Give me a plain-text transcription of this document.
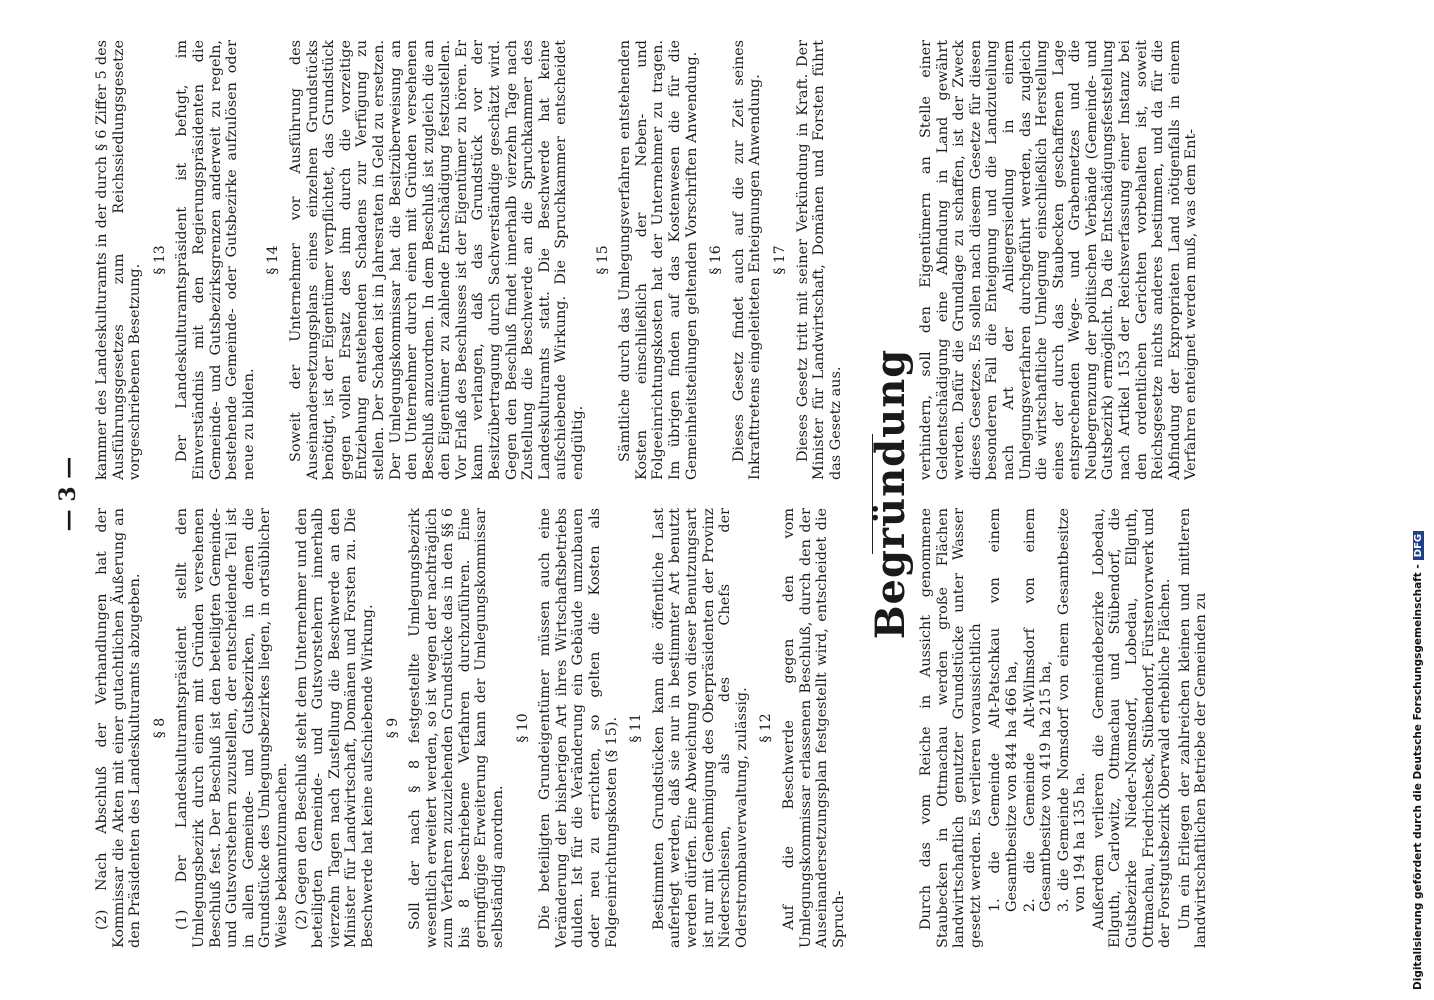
— 3 —

(2) Nach Abschluß der Verhandlungen hat der Kommissar die Akten mit einer gutachtlichen Äußerung an den Präsidenten des Landeskulturamts abzugeben. § 8 (1) Der Landeskulturamtspräsident stellt den Umlegungsbezirk durch einen mit Gründen versehenen Beschluß fest. Der Beschluß ist den beteiligten Gemeinde- und Gutsvorstehern zuzustellen, der entscheidende Teil ist in allen Gemeinde- und Gutsbezirken, in denen die Grundstücke des Umlegungsbezirkes liegen, in ortsüblicher Weise bekanntzumachen. (2) Gegen den Beschluß steht dem Unternehmer und den beteiligten Gemeinde- und Gutsvorstehern innerhalb vierzehn Tagen nach Zustellung die Beschwerde an den Minister für Landwirtschaft, Domänen und Forsten zu. Die Beschwerde hat keine aufschiebende Wirkung. § 9 Soll der nach § 8 festgestellte Umlegungsbezirk wesentlich erweitert werden, so ist wegen der nachträglich zum Verfahren zuzuziehenden Grundstücke das in den §§ 6 bis 8 beschriebene Verfahren durchzuführen. Eine geringfügige Erweiterung kann der Umlegungskommissar selbständig anordnen.

§ 10 Die beteiligten Grundeigentümer müssen auch eine Veränderung der bisherigen Art ihres Wirtschaftsbetriebs dulden. Ist für die Veränderung ein Gebäude umzubauen oder neu zu errichten, so gelten die Kosten als Folgeeinrichtungskosten (§ 15). § 11 Bestimmten Grundstücken kann die öffentliche Last auferlegt werden, daß sie nur in bestimmter Art benutzt werden dürfen. Eine Abweichung von dieser Benutzungsart ist nur mit Genehmigung des Oberpräsidenten der Provinz Niederschlesien, als des Chefs der Oderstrombauverwaltung, zulässig. § 12 Auf die Beschwerde gegen den vom Umlegungskommissar erlassenen Beschluß, durch den der Auseinandersetzungsplan festgestellt wird, entscheidet die Spruch-

kammer des Landeskulturamts in der durch § 6 Ziffer 5 des Ausführungsgesetzes zum Reichssiedlungsgesetze vorgeschriebenen Besetzung.

§ 13 Der Landeskulturamtspräsident ist befugt, im Einverständnis mit den Regierungspräsidenten die Gemeinde- und Gutsbezirksgrenzen anderweit zu regeln, bestehende Gemeinde- oder Gutsbezirke aufzulösen oder neue zu bilden.

§ 14 Soweit der Unternehmer vor Ausführung des Auseinandersetzungsplans eines einzelnen Grundstücks benötigt, ist der Eigentümer verpflichtet, das Grundstück gegen vollen Ersatz des ihm durch die vorzeitige Entziehung entstehenden Schadens zur Verfügung zu stellen. Der Schaden ist in Jahresraten in Geld zu ersetzen. Der Umlegungskommissar hat die Besitzüberweisung an den Unternehmer durch einen mit Gründen versehenen Beschluß anzuordnen. In dem Beschluß ist zugleich die an den Eigentümer zu zahlende Entschädigung festzustellen. Vor Erlaß des Beschlusses ist der Eigentümer zu hören. Er kann verlangen, daß das Grundstück vor der Besitzübertragung durch Sachverständige geschätzt wird. Gegen den Beschluß findet innerhalb vierzehn Tage nach Zustellung die Beschwerde an die Spruchkammer des Landeskulturamts statt. Die Beschwerde hat keine aufschiebende Wirkung. Die Spruchkammer entscheidet endgültig.

§ 15 Sämtliche durch das Umlegungsverfahren entstehenden Kosten einschließlich der Neben- und Folgeeinrichtungskosten hat der Unternehmer zu tragen. Im übrigen finden auf das Kostenwesen die für die Gemeinheitsteilungen geltenden Vorschriften Anwendung. § 16 Dieses Gesetz findet auch auf die zur Zeit seines Inkrafttretens eingeleiteten Enteignungen Anwendung. § 17 Dieses Gesetz tritt mit seiner Verkündung in Kraft. Der Minister für Landwirtschaft, Domänen und Forsten führt das Gesetz aus. Begründung

Durch das vom Reiche in Aussicht genommene Staubecken in Ottmachau werden große Flächen landwirtschaftlich genutzter Grundstücke unter Wasser gesetzt werden. Es verlieren voraussichtlich 1. die Gemeinde Alt-Patschkau von einem Gesamtbesitze von 844 ha 466 ha, 2. die Gemeinde Alt-Wilmsdorf von einem Gesamtbesitze von 419 ha 215 ha, 3. die Gemeinde Nomsdorf von einem Gesamtbesitze von 194 ha 135 ha. Außerdem verlieren die Gemeindebezirke Lobedau, Ellguth, Carlowitz, Ottmachau und Stübendorf, die Gutsbezirke Nieder-Nomsdorf, Lobedau, Ellguth, Ottmachau, Friedrichseck, Stübendorf, Fürstenvorwerk und der Forstgutsbezirk Oberwald erhebliche Flächen. Um ein Erliegen der zahlreichen kleinen und mittleren landwirtschaftlichen Betriebe der Gemeinden zu

verhindern, soll den Eigentümern an Stelle einer Geldentschädigung eine Abfindung in Land gewährt werden. Dafür die Grundlage zu schaffen, ist der Zweck dieses Gesetzes. Es sollen nach diesem Gesetze für diesen besonderen Fall die Enteignung und die Landzuteilung nach Art der Anliegersiedlung in einem Umlegungsverfahren durchgeführt werden, das zugleich die wirtschaftliche Umlegung einschließlich Herstellung eines der durch das Staubecken geschaffenen Lage entsprechenden Wege- und Grabennetzes und die Neubegrenzung der politischen Verbände (Gemeinde- und Gutsbezirk) ermöglicht. Da die Entschädigungsfeststellung nach Artikel 153 der Reichsverfassung einer Instanz bei den ordentlichen Gerichten vorbehalten ist, soweit Reichsgesetze nichts anderes bestimmen, und da für die Abfindung der Expropriaten Land nötigenfalls in einem Verfahren enteignet werden muß, was dem Ent-

Digitalisierung gefördert durch die Deutsche Forschungsgemeinschaft -DFG
